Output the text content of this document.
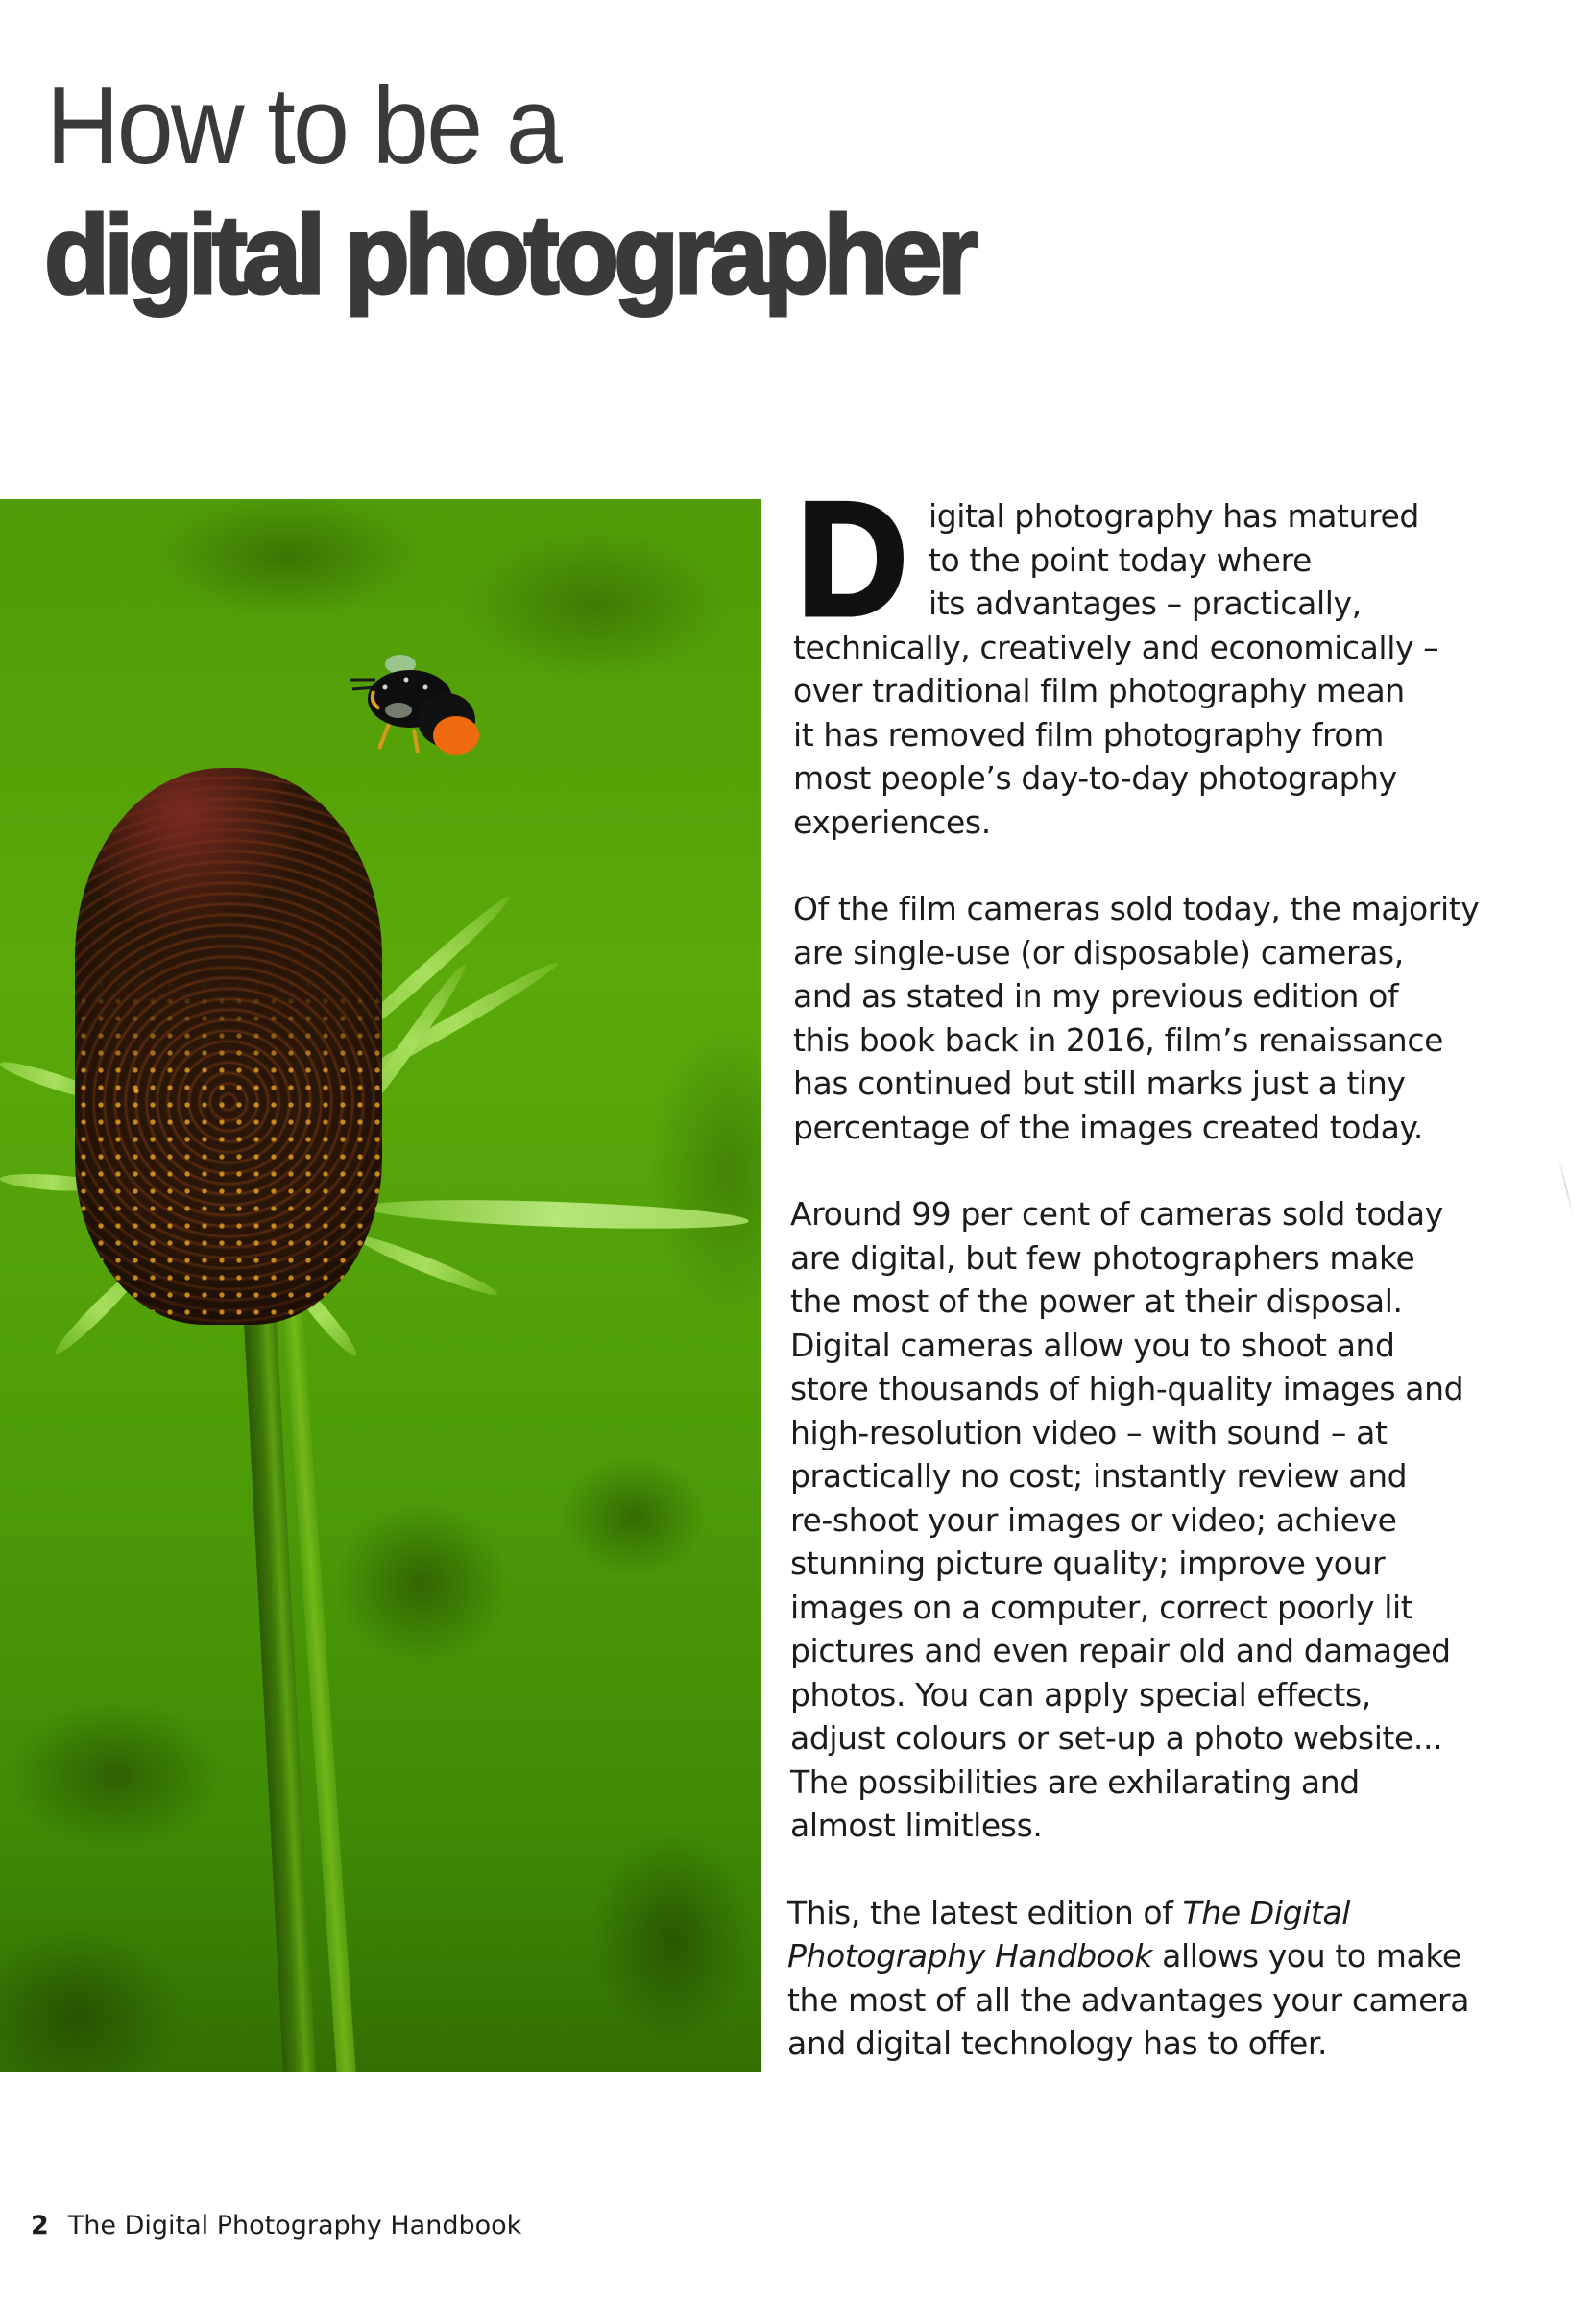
How to be a
digital photographer
D igital photography has matured
to the point today where
its advantages – practically,
technically, creatively and economically –
over traditional film photography mean
it has removed film photography from
most people’s day-to-day photography
experiences.
Of the film cameras sold today, the majority
are single-use (or disposable) cameras,
and as stated in my previous edition of
this book back in 2016, film’s renaissance
has continued but still marks just a tiny
percentage of the images created today.
Around 99 per cent of cameras sold today
are digital, but few photographers make
the most of the power at their disposal.
Digital cameras allow you to shoot and
store thousands of high-quality images and
high-resolution video – with sound – at
practically no cost; instantly review and
re-shoot your images or video; achieve
stunning picture quality; improve your
images on a computer, correct poorly lit
pictures and even repair old and damaged
photos. You can apply special effects,
adjust colours or set-up a photo website...
The possibilities are exhilarating and
almost limitless.
This, the latest edition of The Digital
Photography Handbook allows you to make
the most of all the advantages your camera
and digital technology has to offer.
2 The Digital Photography Handbook
